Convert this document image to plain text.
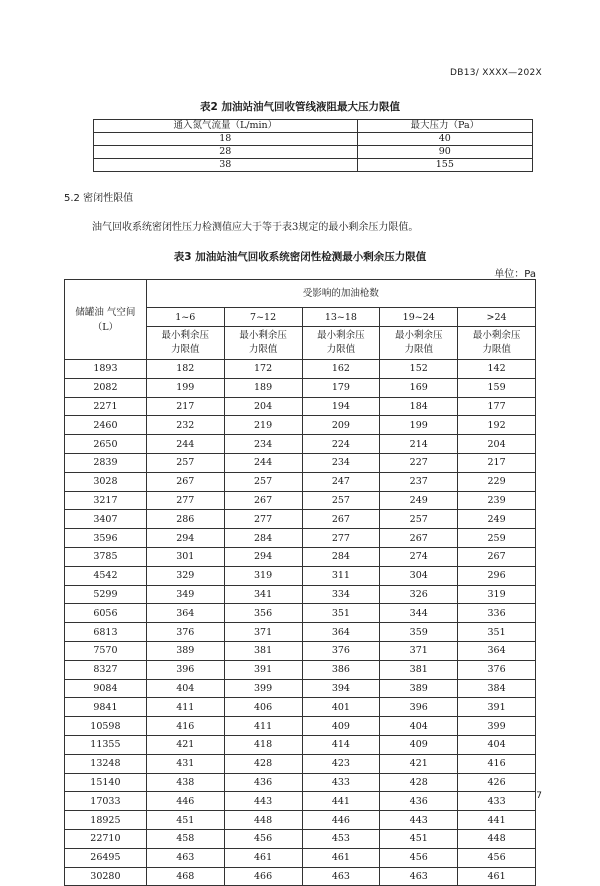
DB13/ XXXX—202X
表2 加油站油气回收管线液阻最大压力限值
通入氮气流量（L/min）	最大压力（Pa）
18	40
28	90
38	155
5.2 密闭性限值
油气回收系统密闭性压力检测值应大于等于表3规定的最小剩余压力限值。
表3 加油站油气回收系统密闭性检测最小剩余压力限值
单位：Pa
储罐油 气空间（L）	受影响的加油枪数				
	1~6	7~12	13~18	19~24	>24
	最小剩余压力限值	最小剩余压力限值	最小剩余压力限值	最小剩余压力限值	最小剩余压力限值
1893	182	172	162	152	142
2082	199	189	179	169	159
2271	217	204	194	184	177
2460	232	219	209	199	192
2650	244	234	224	214	204
2839	257	244	234	227	217
3028	267	257	247	237	229
3217	277	267	257	249	239
3407	286	277	267	257	249
3596	294	284	277	267	259
3785	301	294	284	274	267
4542	329	319	311	304	296
5299	349	341	334	326	319
6056	364	356	351	344	336
6813	376	371	364	359	351
7570	389	381	376	371	364
8327	396	391	386	381	376
9084	404	399	394	389	384
9841	411	406	401	396	391
10598	416	411	409	404	399
11355	421	418	414	409	404
13248	431	428	423	421	416
15140	438	436	433	428	426
17033	446	443	441	436	433
18925	451	448	446	443	441
22710	458	456	453	451	448
26495	463	461	461	456	456
30280	468	466	463	463	461
7
